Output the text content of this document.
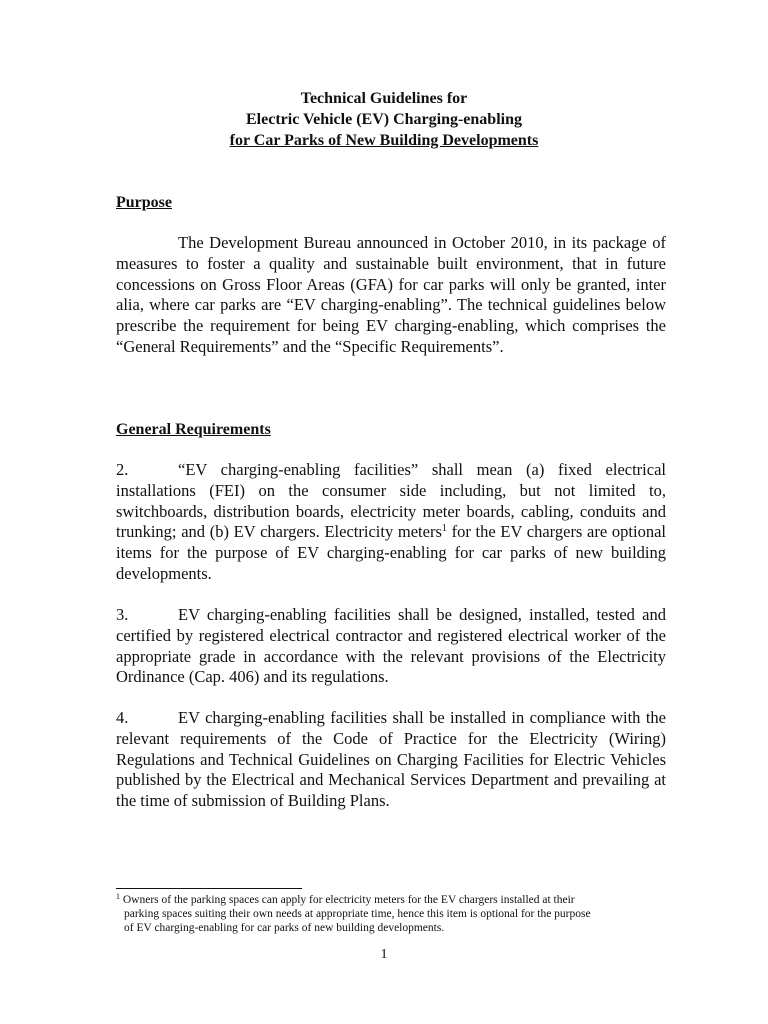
Technical Guidelines for
Electric Vehicle (EV) Charging-enabling
for Car Parks of New Building Developments
Purpose

The Development Bureau announced in October 2010, in its package of measures to foster a quality and sustainable built environment, that in future concessions on Gross Floor Areas (GFA) for car parks will only be granted, inter alia, where car parks are “EV charging-enabling”. The technical guidelines below prescribe the requirement for being EV charging-enabling, which comprises the “General Requirements” and the “Specific Requirements”.

General Requirements

2.	“EV charging-enabling facilities” shall mean (a) fixed electrical installations (FEI) on the consumer side including, but not limited to, switchboards, distribution boards, electricity meter boards, cabling, conduits and trunking; and (b) EV chargers. Electricity meters$^1$ for the EV chargers are optional items for the purpose of EV charging-enabling for car parks of new building developments.

3.	EV charging-enabling facilities shall be designed, installed, tested and certified by registered electrical contractor and registered electrical worker of the appropriate grade in accordance with the relevant provisions of the Electricity Ordinance (Cap. 406) and its regulations.

4.	EV charging-enabling facilities shall be installed in compliance with the relevant requirements of the Code of Practice for the Electricity (Wiring) Regulations and Technical Guidelines on Charging Facilities for Electric Vehicles published by the Electrical and Mechanical Services Department and prevailing at the time of submission of Building Plans.

$^1$ Owners of the parking spaces can apply for electricity meters for the EV chargers installed at their
parking spaces suiting their own needs at appropriate time, hence this item is optional for the purpose
of EV charging-enabling for car parks of new building developments.
1
